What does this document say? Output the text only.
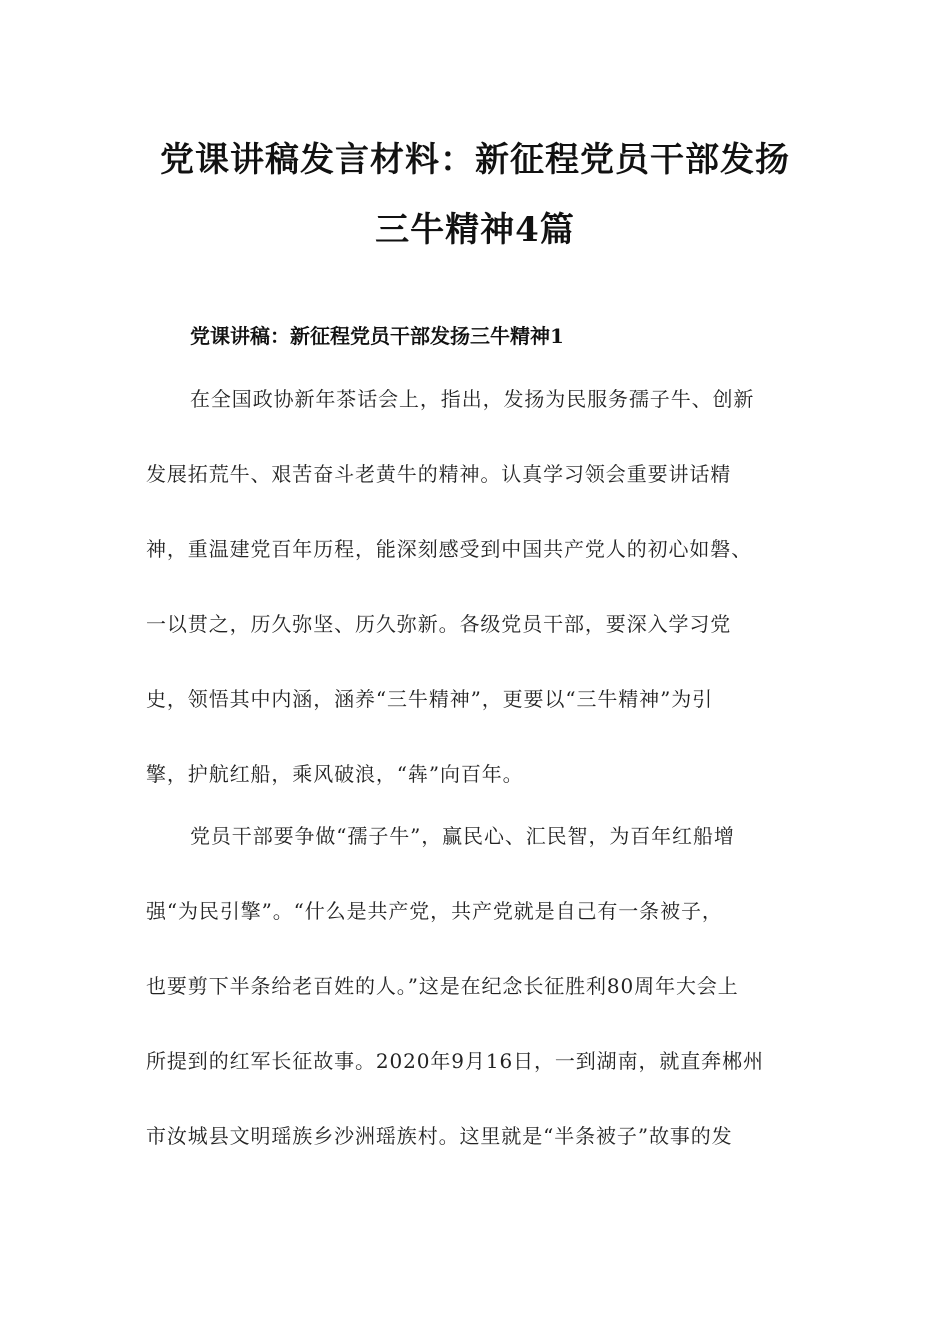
党课讲稿发言材料：新征程党员干部发扬
三牛精神4篇
党课讲稿：新征程党员干部发扬三牛精神1
在全国政协新年茶话会上，指出，发扬为民服务孺子牛、创新
发展拓荒牛、艰苦奋斗老黄牛的精神。认真学习领会重要讲话精
神，重温建党百年历程，能深刻感受到中国共产党人的初心如磐、
一以贯之，历久弥坚、历久弥新。各级党员干部，要深入学习党
史，领悟其中内涵，涵养“三牛精神”，更要以“三牛精神”为引
擎，护航红船，乘风破浪，“犇”向百年。
党员干部要争做“孺子牛”，赢民心、汇民智，为百年红船增
强“为民引擎”。“什么是共产党，共产党就是自己有一条被子，
也要剪下半条给老百姓的人。”这是在纪念长征胜利80周年大会上
所提到的红军长征故事。2020年9月16日，一到湖南，就直奔郴州
市汝城县文明瑶族乡沙洲瑶族村。这里就是“半条被子”故事的发
